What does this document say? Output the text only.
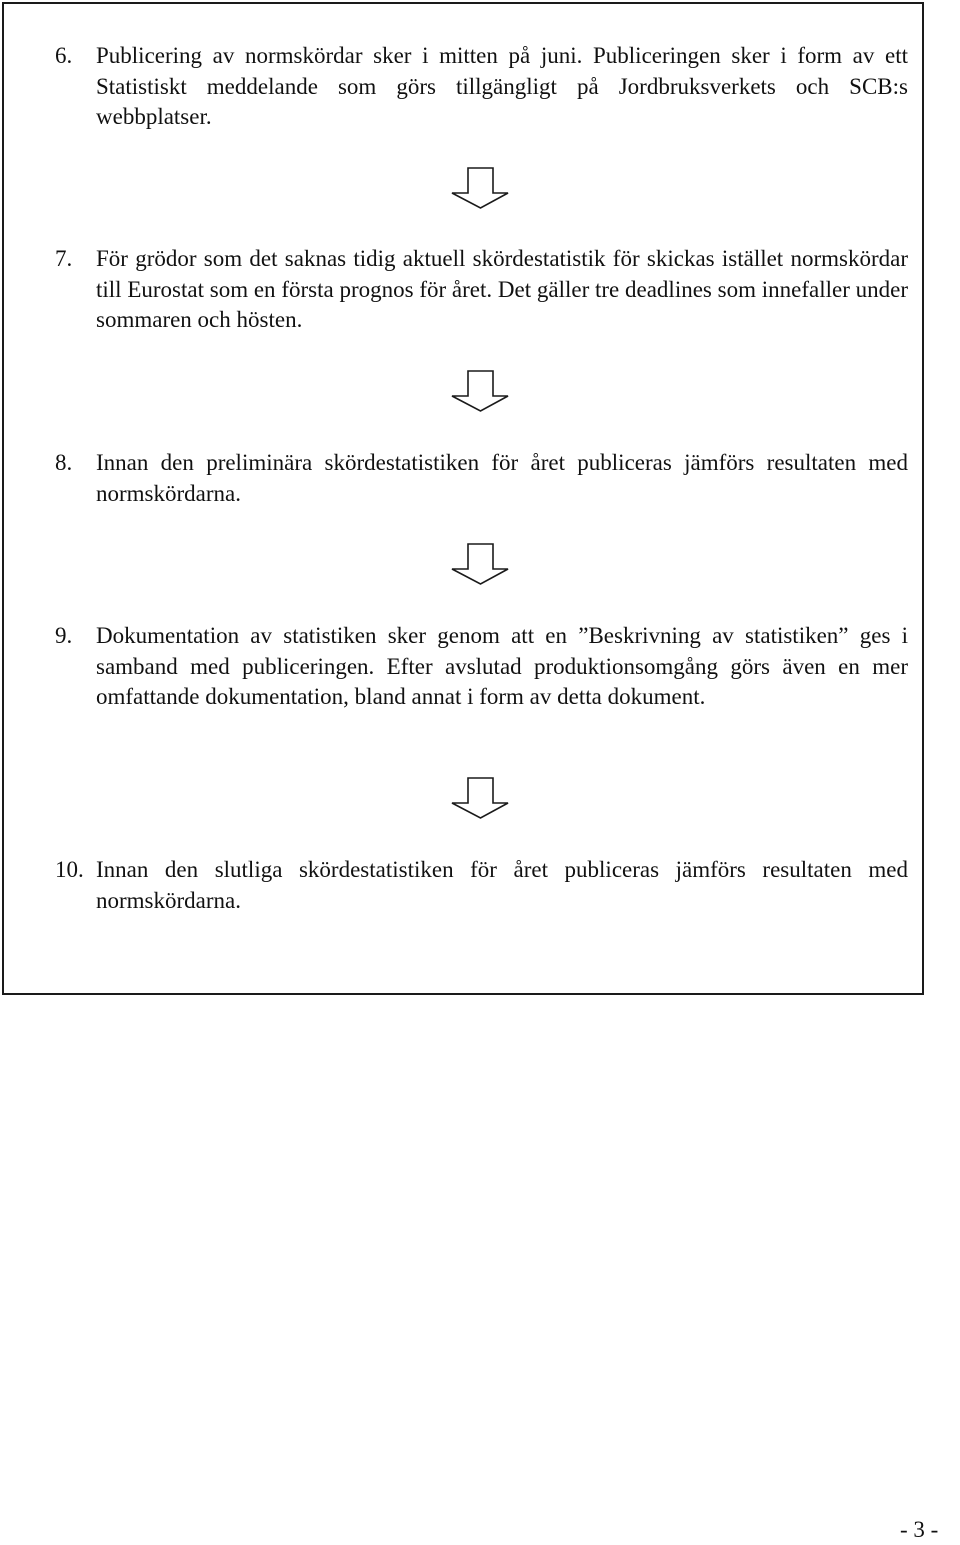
6.	Publicering av normskördar sker i mitten på juni. Publiceringen sker i form av ett Statistiskt meddelande som görs tillgängligt på Jordbruksverkets och SCB:s webbplatser.
7.	För grödor som det saknas tidig aktuell skördestatistik för skickas istället normskördar till Eurostat som en första prognos för året. Det gäller tre deadlines som innefaller under sommaren och hösten.
8.	Innan den preliminära skördestatistiken för året publiceras jämförs resultaten med normskördarna.
9.	Dokumentation av statistiken sker genom att en ”Beskrivning av statistiken” ges i samband med publiceringen. Efter avslutad produktionsomgång görs även en mer omfattande dokumentation, bland annat i form av detta dokument.
10. Innan den slutliga skördestatistiken för året publiceras jämförs resultaten med normskördarna.
- 3 -
